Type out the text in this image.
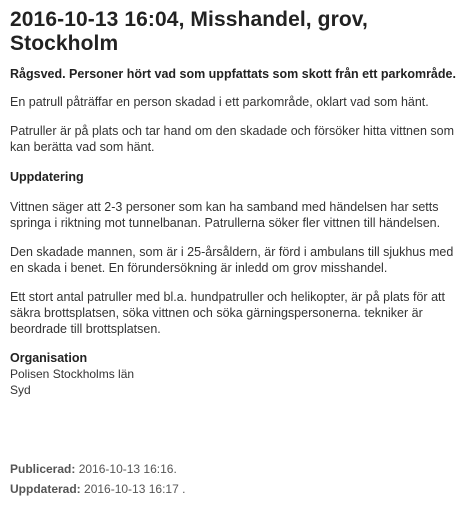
2016-10-13 16:04, Misshandel, grov, Stockholm
Rågsved. Personer hört vad som uppfattats som skott från ett parkområde.

En patrull påträffar en person skadad i ett parkområde, oklart vad som hänt.

Patruller är på plats och tar hand om den skadade och försöker hitta vittnen som kan berätta vad som hänt.

Uppdatering

Vittnen säger att 2-3 personer som kan ha samband med händelsen har setts springa i riktning mot tunnelbanan. Patrullerna söker fler vittnen till händelsen.

Den skadade mannen, som är i 25-årsåldern, är förd i ambulans till sjukhus med en skada i benet. En förundersökning är inledd om grov misshandel.

Ett stort antal patruller med bl.a. hundpatruller och helikopter, är på plats för att säkra brottsplatsen, söka vittnen och söka gärningspersonerna. tekniker är beordrade till brottsplatsen.

Organisation
Polisen Stockholms län
Syd
Publicerad: 2016-10-13 16:16.
Uppdaterad: 2016-10-13 16:17 .
